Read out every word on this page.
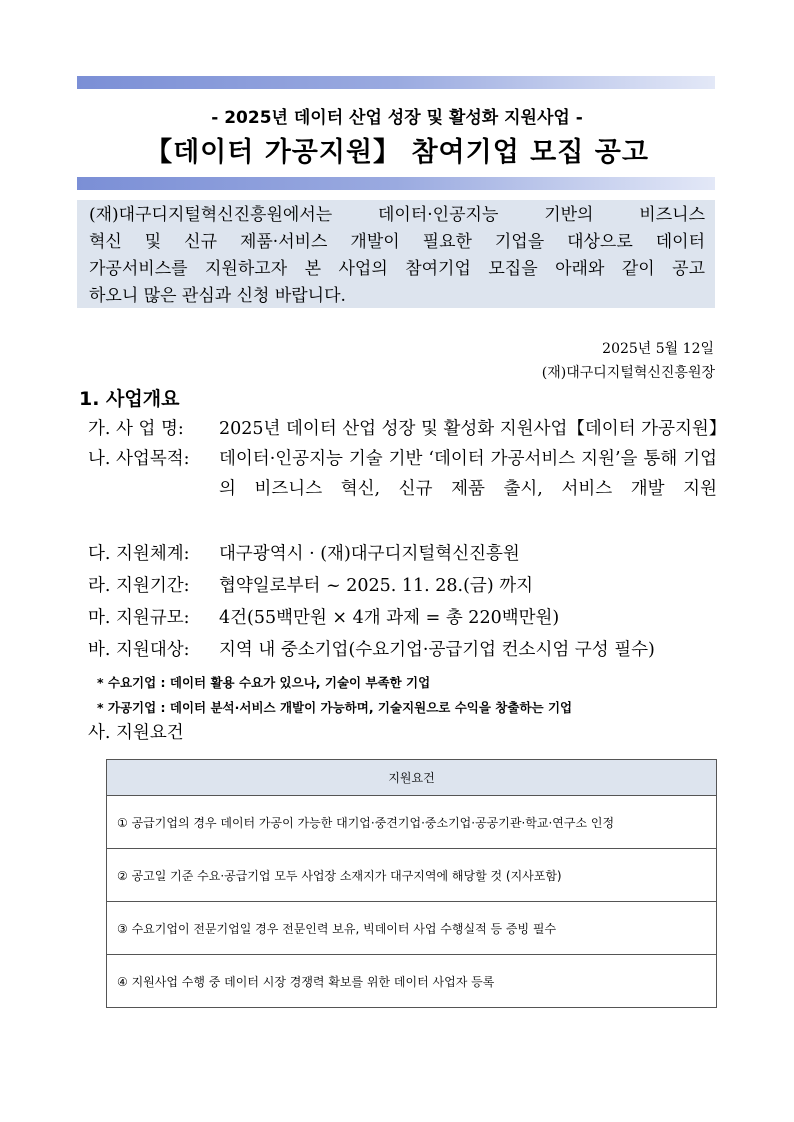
- 2025년 데이터 산업 성장 및 활성화 지원사업 -
【데이터 가공지원】 참여기업 모집 공고
(재)대구디지털혁신진흥원에서는 데이터·인공지능 기반의 비즈니스
혁신 및 신규 제품·서비스 개발이 필요한 기업을 대상으로 데이터
가공서비스를 지원하고자 본 사업의 참여기업 모집을 아래와 같이 공고
하오니 많은 관심과 신청 바랍니다.
2025년 5월 12일
(재)대구디지털혁신진흥원장
1. 사업개요
가. 사 업 명: 2025년 데이터 산업 성장 및 활성화 지원사업【데이터 가공지원】
나. 사업목적: 데이터·인공지능 기술 기반 ‘데이터 가공서비스 지원’을 통해 기업의 비즈니스 혁신, 신규 제품 출시, 서비스 개발 지원
다. 지원체계: 대구광역시 · (재)대구디지털혁신진흥원
라. 지원기간: 협약일로부터 ~ 2025. 11. 28.(금) 까지
마. 지원규모: 4건(55백만원 × 4개 과제 = 총 220백만원)
바. 지원대상: 지역 내 중소기업(수요기업·공급기업 컨소시엄 구성 필수)
* 수요기업 : 데이터 활용 수요가 있으나, 기술이 부족한 기업
* 가공기업 : 데이터 분석·서비스 개발이 가능하며, 기술지원으로 수익을 창출하는 기업
사. 지원요건
지원요건
① 공급기업의 경우 데이터 가공이 가능한 대기업·중견기업·중소기업·공공기관·학교·연구소 인정
② 공고일 기준 수요·공급기업 모두 사업장 소재지가 대구지역에 해당할 것 (지사포함)
③ 수요기업이 전문기업일 경우 전문인력 보유, 빅데이터 사업 수행실적 등 증빙 필수
④ 지원사업 수행 중 데이터 시장 경쟁력 확보를 위한 데이터 사업자 등록
